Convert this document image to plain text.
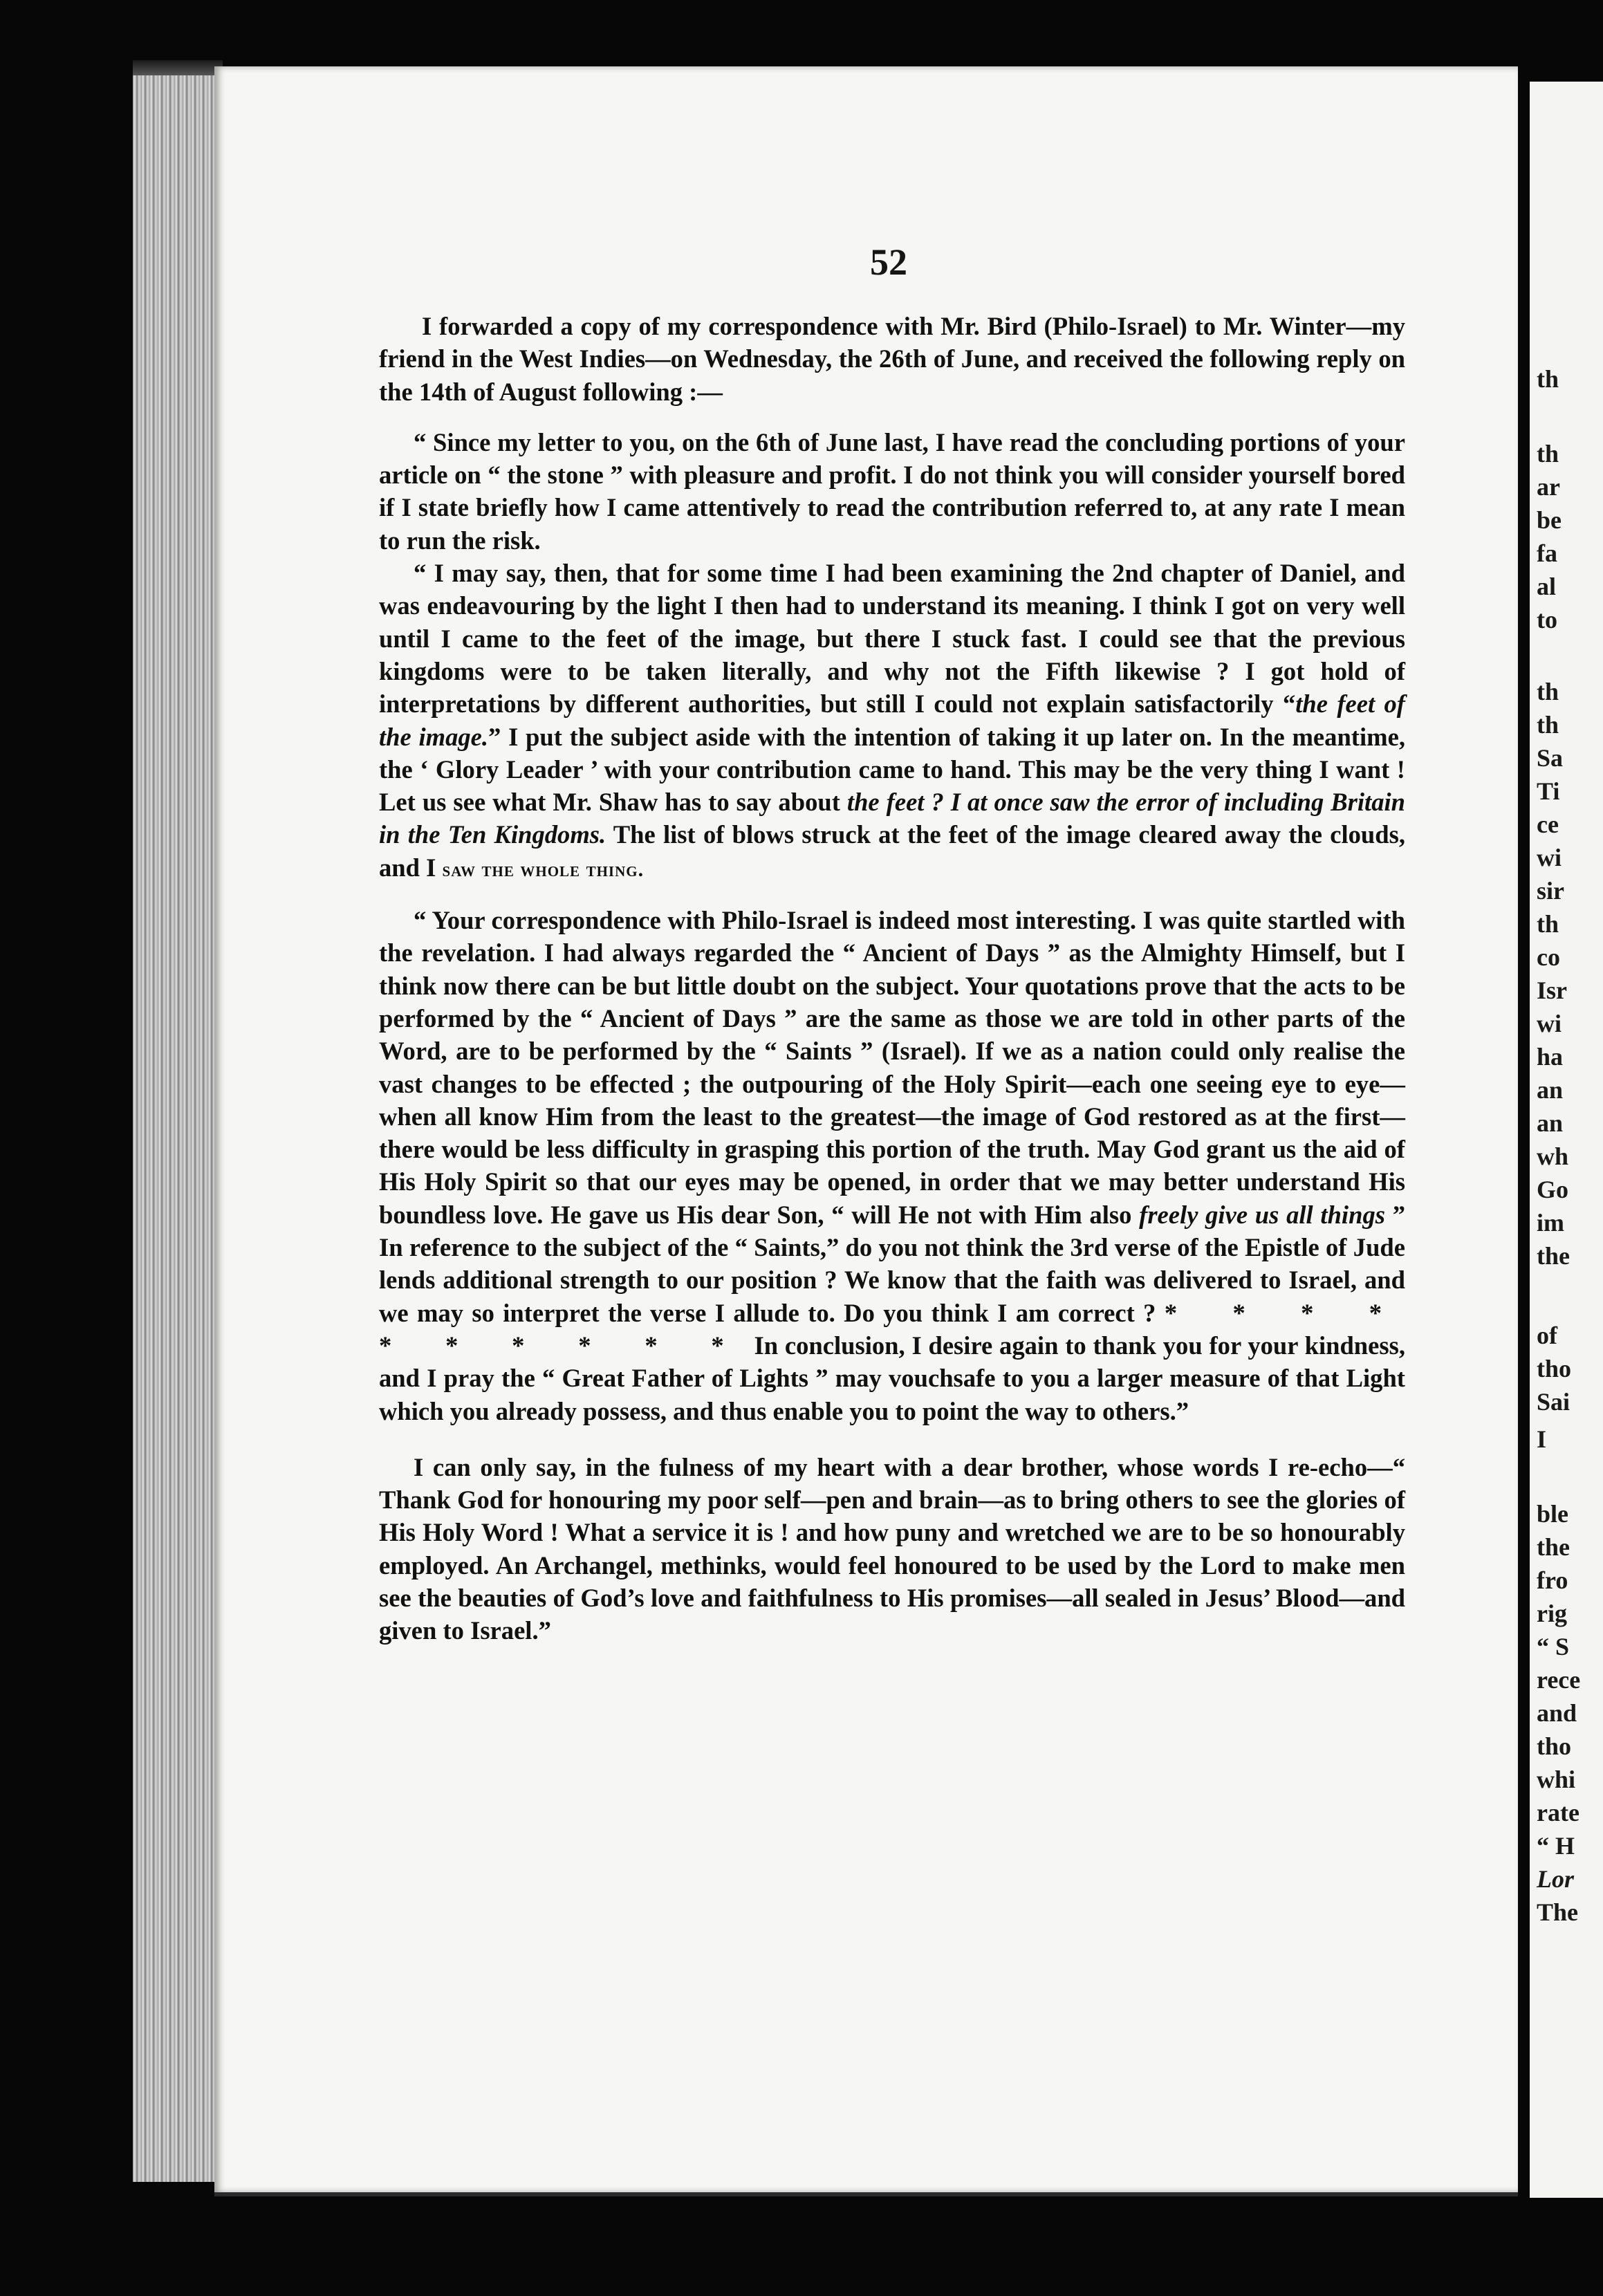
52

I forwarded a copy of my correspondence with Mr. Bird (Philo-Israel) to Mr. Winter—my friend in the West Indies—on Wednesday, the 26th of June, and received the following reply on the 14th of August following :—

“ Since my letter to you, on the 6th of June last, I have read the concluding portions of your article on “ the stone ” with pleasure and profit. I do not think you will consider yourself bored if I state briefly how I came attentively to read the contribution referred to, at any rate I mean to run the risk.

“ I may say, then, that for some time I had been examining the 2nd chapter of Daniel, and was endeavouring by the light I then had to understand its meaning. I think I got on very well until I came to the feet of the image, but there I stuck fast. I could see that the previous kingdoms were to be taken literally, and why not the Fifth likewise ? I got hold of interpretations by different authorities, but still I could not explain satisfactorily “the feet of the image.” I put the subject aside with the intention of taking it up later on. In the meantime, the ‘ Glory Leader ’ with your contribution came to hand. This may be the very thing I want ! Let us see what Mr. Shaw has to say about the feet ? I at once saw the error of including Britain in the Ten Kingdoms. The list of blows struck at the feet of the image cleared away the clouds, and I saw the whole thing.

“ Your correspondence with Philo-Israel is indeed most interesting. I was quite startled with the revelation. I had always regarded the “ Ancient of Days ” as the Almighty Himself, but I think now there can be but little doubt on the subject. Your quotations prove that the acts to be performed by the “ Ancient of Days ” are the same as those we are told in other parts of the Word, are to be performed by the “ Saints ” (Israel). If we as a nation could only realise the vast changes to be effected ; the outpouring of the Holy Spirit—each one seeing eye to eye—when all know Him from the least to the greatest—the image of God restored as at the first—there would be less difficulty in grasping this portion of the truth. May God grant us the aid of His Holy Spirit so that our eyes may be opened, in order that we may better understand His boundless love. He gave us His dear Son, “ will He not with Him also freely give us all things ” In reference to the subject of the “ Saints,” do you not think the 3rd verse of the Epistle of Jude lends additional strength to our position ? We know that the faith was delivered to Israel, and we may so interpret the verse I allude to. Do you think I am correct ? * * * * * * * * * * In conclusion, I desire again to thank you for your kindness, and I pray the “ Great Father of Lights ” may vouchsafe to you a larger measure of that Light which you already possess, and thus enable you to point the way to others.”

I can only say, in the fulness of my heart with a dear brother, whose words I re-echo—“ Thank God for honouring my poor self—pen and brain—as to bring others to see the glories of His Holy Word ! What a service it is ! and how puny and wretched we are to be so honourably employed. An Archangel, methinks, would feel honoured to be used by the Lord to make men see the beauties of God’s love and faithfulness to His promises—all sealed in Jesus’ Blood—and given to Israel.”

th
th
ar
be
fa
al
to
th
th
Sa
Ti
ce
wi
sir
th
co
Isr
wi
ha
an
an
wh
Go
im
the
of
tho
Sai
I
ble
the
fro
rig
“ S
rece
and
tho
whi
rate
“ H
Lor
The
